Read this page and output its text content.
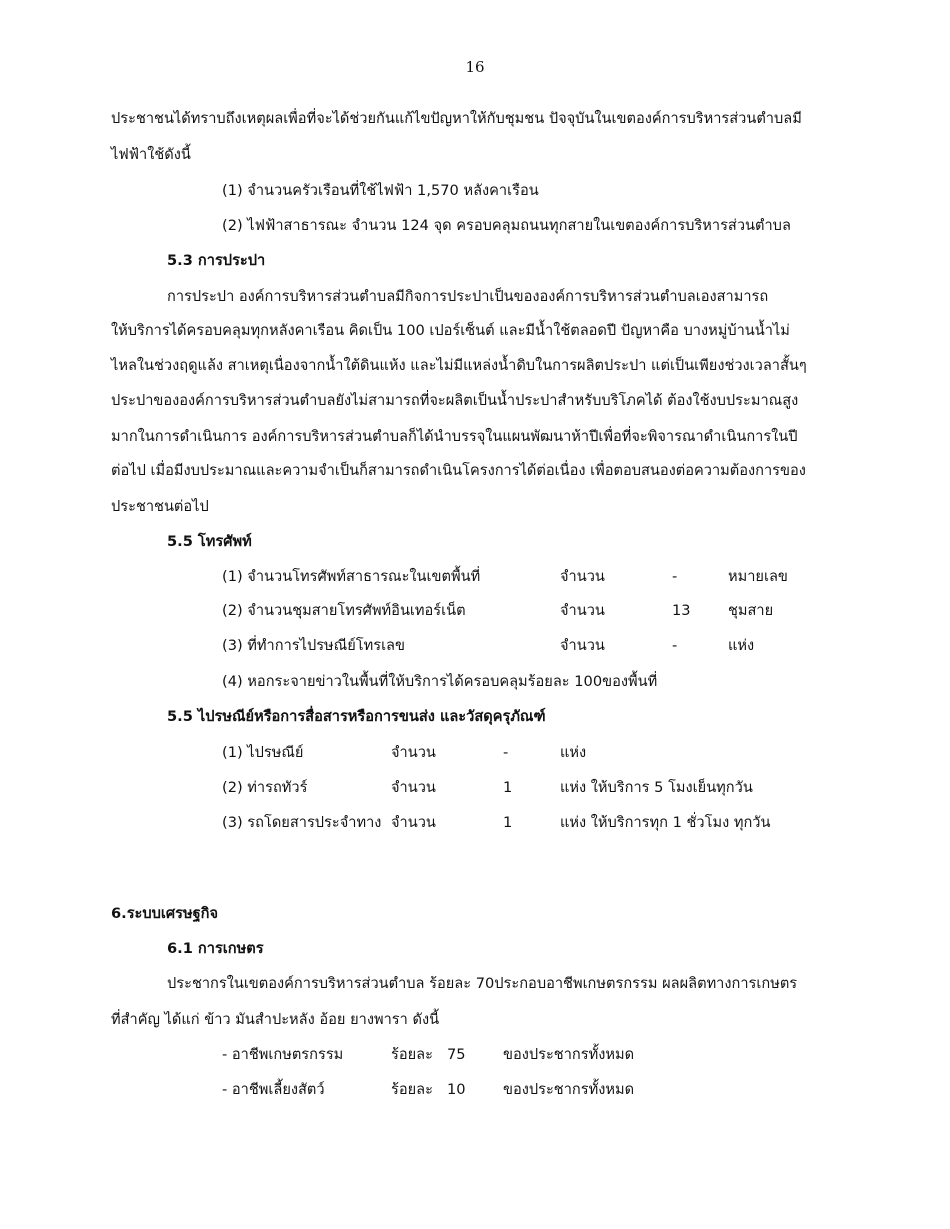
16
ประชาชนได้ทราบถึงเหตุผลเพื่อที่จะได้ช่วยกันแก้ไขปัญหาให้กับชุมชน ปัจจุบันในเขตองค์การบริหารส่วนตำบลมี
ไฟฟ้าใช้ดังนี้
(1) จำนวนครัวเรือนที่ใช้ไฟฟ้า 1,570 หลังคาเรือน
(2) ไฟฟ้าสาธารณะ จำนวน 124 จุด ครอบคลุมถนนทุกสายในเขตองค์การบริหารส่วนตำบล
5.3 การประปา
การประปา องค์การบริหารส่วนตำบลมีกิจการประปาเป็นขององค์การบริหารส่วนตำบลเองสามารถ
ให้บริการได้ครอบคลุมทุกหลังคาเรือน คิดเป็น 100 เปอร์เซ็นต์ และมีน้ำใช้ตลอดปี ปัญหาคือ บางหมู่บ้านน้ำไม่
ไหลในช่วงฤดูแล้ง สาเหตุเนื่องจากน้ำใต้ดินแห้ง และไม่มีแหล่งน้ำดิบในการผลิตประปา แต่เป็นเพียงช่วงเวลาสั้นๆ
ประปาขององค์การบริหารส่วนตำบลยังไม่สามารถที่จะผลิตเป็นน้ำประปาสำหรับบริโภคได้ ต้องใช้งบประมาณสูง
มากในการดำเนินการ องค์การบริหารส่วนตำบลก็ได้นำบรรจุในแผนพัฒนาห้าปีเพื่อที่จะพิจารณาดำเนินการในปี
ต่อไป เมื่อมีงบประมาณและความจำเป็นก็สามารถดำเนินโครงการได้ต่อเนื่อง เพื่อตอบสนองต่อความต้องการของ
ประชาชนต่อไป
5.5 โทรศัพท์
(1) จำนวนโทรศัพท์สาธารณะในเขตพื้นที่	จำนวน	-	หมายเลข
(2) จำนวนชุมสายโทรศัพท์อินเทอร์เน็ต	จำนวน	13	ชุมสาย
(3) ที่ทำการไปรษณีย์โทรเลข	จำนวน	-	แห่ง
(4) หอกระจายข่าวในพื้นที่ให้บริการได้ครอบคลุมร้อยละ 100ของพื้นที่
5.5 ไปรษณีย์หรือการสื่อสารหรือการขนส่ง และวัสดุครุภัณฑ์
(1) ไปรษณีย์	จำนวน	-	แห่ง
(2) ท่ารถทัวร์	จำนวน	1	แห่ง ให้บริการ 5 โมงเย็นทุกวัน
(3) รถโดยสารประจำทาง จำนวน	1	แห่ง ให้บริการทุก 1 ชั่วโมง ทุกวัน
6.ระบบเศรษฐกิจ
6.1 การเกษตร
ประชากรในเขตองค์การบริหารส่วนตำบล ร้อยละ 70ประกอบอาชีพเกษตรกรรม ผลผลิตทางการเกษตร
ที่สำคัญ ได้แก่ ข้าว มันสำปะหลัง อ้อย ยางพารา ดังนี้
- อาชีพเกษตรกรรม	ร้อยละ 75	ของประชากรทั้งหมด
- อาชีพเลี้ยงสัตว์	ร้อยละ 10	ของประชากรทั้งหมด
